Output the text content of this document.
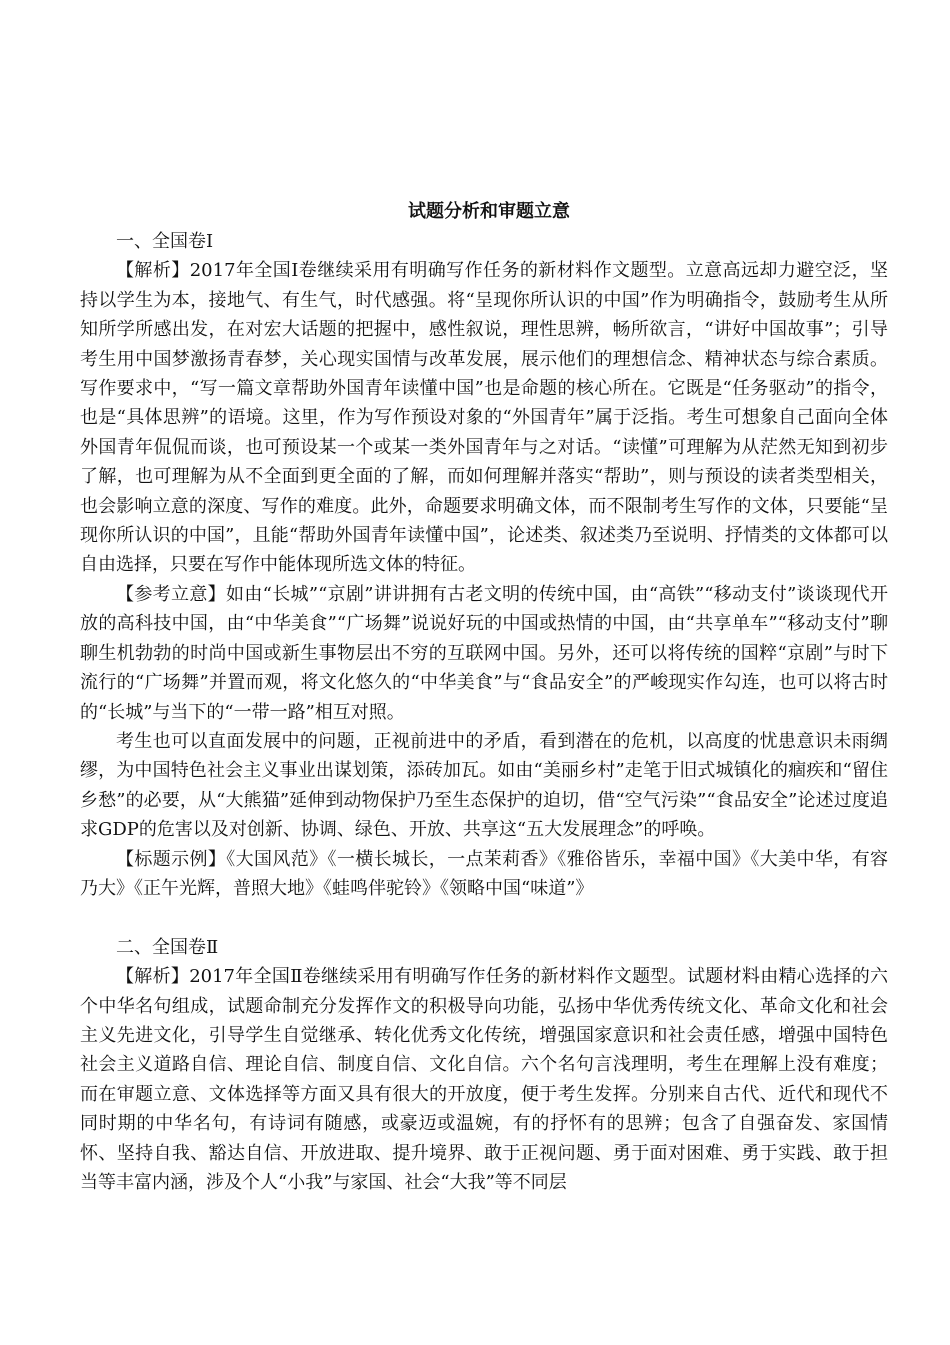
试题分析和审题立意

一、全国卷Ⅰ

【解析】2017年全国Ⅰ卷继续采用有明确写作任务的新材料作文题型。立意高远却力避空泛，坚持以学生为本，接地气、有生气，时代感强。将“呈现你所认识的中国”作为明确指令，鼓励考生从所知所学所感出发，在对宏大话题的把握中，感性叙说，理性思辨，畅所欲言，“讲好中国故事”；引导考生用中国梦激扬青春梦，关心现实国情与改革发展，展示他们的理想信念、精神状态与综合素质。写作要求中，“写一篇文章帮助外国青年读懂中国”也是命题的核心所在。它既是“任务驱动”的指令，也是“具体思辨”的语境。这里，作为写作预设对象的“外国青年”属于泛指。考生可想象自己面向全体外国青年侃侃而谈，也可预设某一个或某一类外国青年与之对话。“读懂”可理解为从茫然无知到初步了解，也可理解为从不全面到更全面的了解，而如何理解并落实“帮助”，则与预设的读者类型相关，也会影响立意的深度、写作的难度。此外，命题要求明确文体，而不限制考生写作的文体，只要能“呈现你所认识的中国”，且能“帮助外国青年读懂中国”，论述类、叙述类乃至说明、抒情类的文体都可以自由选择，只要在写作中能体现所选文体的特征。

【参考立意】如由“长城”“京剧”讲讲拥有古老文明的传统中国，由“高铁”“移动支付”谈谈现代开放的高科技中国，由“中华美食”“广场舞”说说好玩的中国或热情的中国，由“共享单车”“移动支付”聊聊生机勃勃的时尚中国或新生事物层出不穷的互联网中国。另外，还可以将传统的国粹“京剧”与时下流行的“广场舞”并置而观，将文化悠久的“中华美食”与“食品安全”的严峻现实作勾连，也可以将古时的“长城”与当下的“一带一路”相互对照。

考生也可以直面发展中的问题，正视前进中的矛盾，看到潜在的危机，以高度的忧患意识未雨绸缪，为中国特色社会主义事业出谋划策，添砖加瓦。如由“美丽乡村”走笔于旧式城镇化的痼疾和“留住乡愁”的必要，从“大熊猫”延伸到动物保护乃至生态保护的迫切，借“空气污染”“食品安全”论述过度追求GDP的危害以及对创新、协调、绿色、开放、共享这“五大发展理念”的呼唤。

【标题示例】《大国风范》《一横长城长，一点茉莉香》《雅俗皆乐，幸福中国》《大美中华，有容乃大》《正午光辉，普照大地》《蛙鸣伴驼铃》《领略中国“味道”》

二、全国卷Ⅱ

【解析】2017年全国Ⅱ卷继续采用有明确写作任务的新材料作文题型。试题材料由精心选择的六个中华名句组成，试题命制充分发挥作文的积极导向功能，弘扬中华优秀传统文化、革命文化和社会主义先进文化，引导学生自觉继承、转化优秀文化传统，增强国家意识和社会责任感，增强中国特色社会主义道路自信、理论自信、制度自信、文化自信。六个名句言浅理明，考生在理解上没有难度；而在审题立意、文体选择等方面又具有很大的开放度，便于考生发挥。分别来自古代、近代和现代不同时期的中华名句，有诗词有随感，或豪迈或温婉，有的抒怀有的思辨；包含了自强奋发、家国情怀、坚持自我、豁达自信、开放进取、提升境界、敢于正视问题、勇于面对困难、勇于实践、敢于担当等丰富内涵，涉及个人“小我”与家国、社会“大我”等不同层
